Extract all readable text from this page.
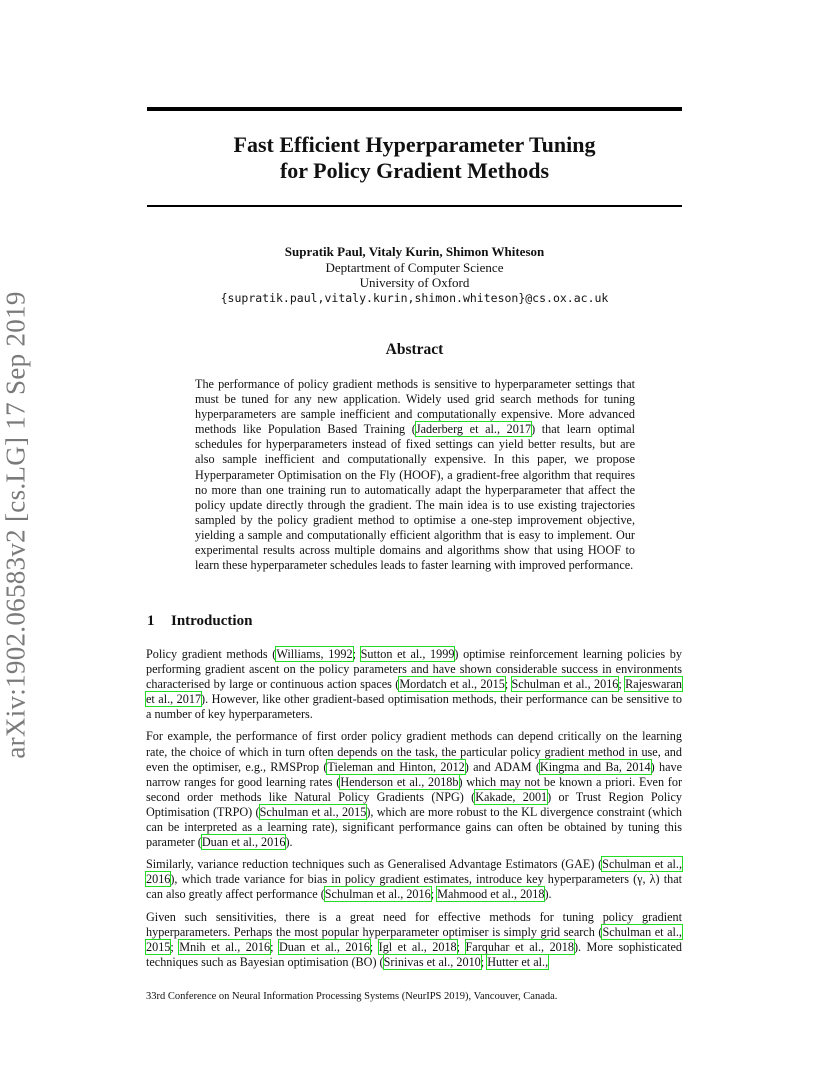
arXiv:1902.06583v2 [cs.LG] 17 Sep 2019
Fast Efficient Hyperparameter Tuning
for Policy Gradient Methods
Supratik Paul, Vitaly Kurin, Shimon Whiteson
Deptartment of Computer Science
University of Oxford
{supratik.paul,vitaly.kurin,shimon.whiteson}@cs.ox.ac.uk
Abstract
The performance of policy gradient methods is sensitive to hyperparameter settings that must be tuned for any new application. Widely used grid search methods for tuning hyperparameters are sample inefficient and computationally expensive. More advanced methods like Population Based Training (Jaderberg et al., 2017) that learn optimal schedules for hyperparameters instead of fixed settings can yield better results, but are also sample inefficient and computationally expensive. In this paper, we propose Hyperparameter Optimisation on the Fly (HOOF), a gradient-free algorithm that requires no more than one training run to automatically adapt the hyperparameter that affect the policy update directly through the gradient. The main idea is to use existing trajectories sampled by the policy gradient method to optimise a one-step improvement objective, yielding a sample and computationally efficient algorithm that is easy to implement. Our experimental results across multiple domains and algorithms show that using HOOF to learn these hyperparameter schedules leads to faster learning with improved performance.
1 Introduction

Policy gradient methods (Williams, 1992; Sutton et al., 1999) optimise reinforcement learning policies by performing gradient ascent on the policy parameters and have shown considerable success in environments characterised by large or continuous action spaces (Mordatch et al., 2015; Schulman et al., 2016; Rajeswaran et al., 2017). However, like other gradient-based optimisation methods, their performance can be sensitive to a number of key hyperparameters.

For example, the performance of first order policy gradient methods can depend critically on the learning rate, the choice of which in turn often depends on the task, the particular policy gradient method in use, and even the optimiser, e.g., RMSProp (Tieleman and Hinton, 2012) and ADAM (Kingma and Ba, 2014) have narrow ranges for good learning rates (Henderson et al., 2018b) which may not be known a priori. Even for second order methods like Natural Policy Gradients (NPG) (Kakade, 2001) or Trust Region Policy Optimisation (TRPO) (Schulman et al., 2015), which are more robust to the KL divergence constraint (which can be interpreted as a learning rate), significant performance gains can often be obtained by tuning this parameter (Duan et al., 2016).

Similarly, variance reduction techniques such as Generalised Advantage Estimators (GAE) (Schulman et al., 2016), which trade variance for bias in policy gradient estimates, introduce key hyperparameters (γ, λ) that can also greatly affect performance (Schulman et al., 2016; Mahmood et al., 2018).

Given such sensitivities, there is a great need for effective methods for tuning policy gradient hyperparameters. Perhaps the most popular hyperparameter optimiser is simply grid search (Schulman et al., 2015; Mnih et al., 2016; Duan et al., 2016; Igl et al., 2018; Farquhar et al., 2018). More sophisticated techniques such as Bayesian optimisation (BO) (Srinivas et al., 2010; Hutter et al.,

33rd Conference on Neural Information Processing Systems (NeurIPS 2019), Vancouver, Canada.
